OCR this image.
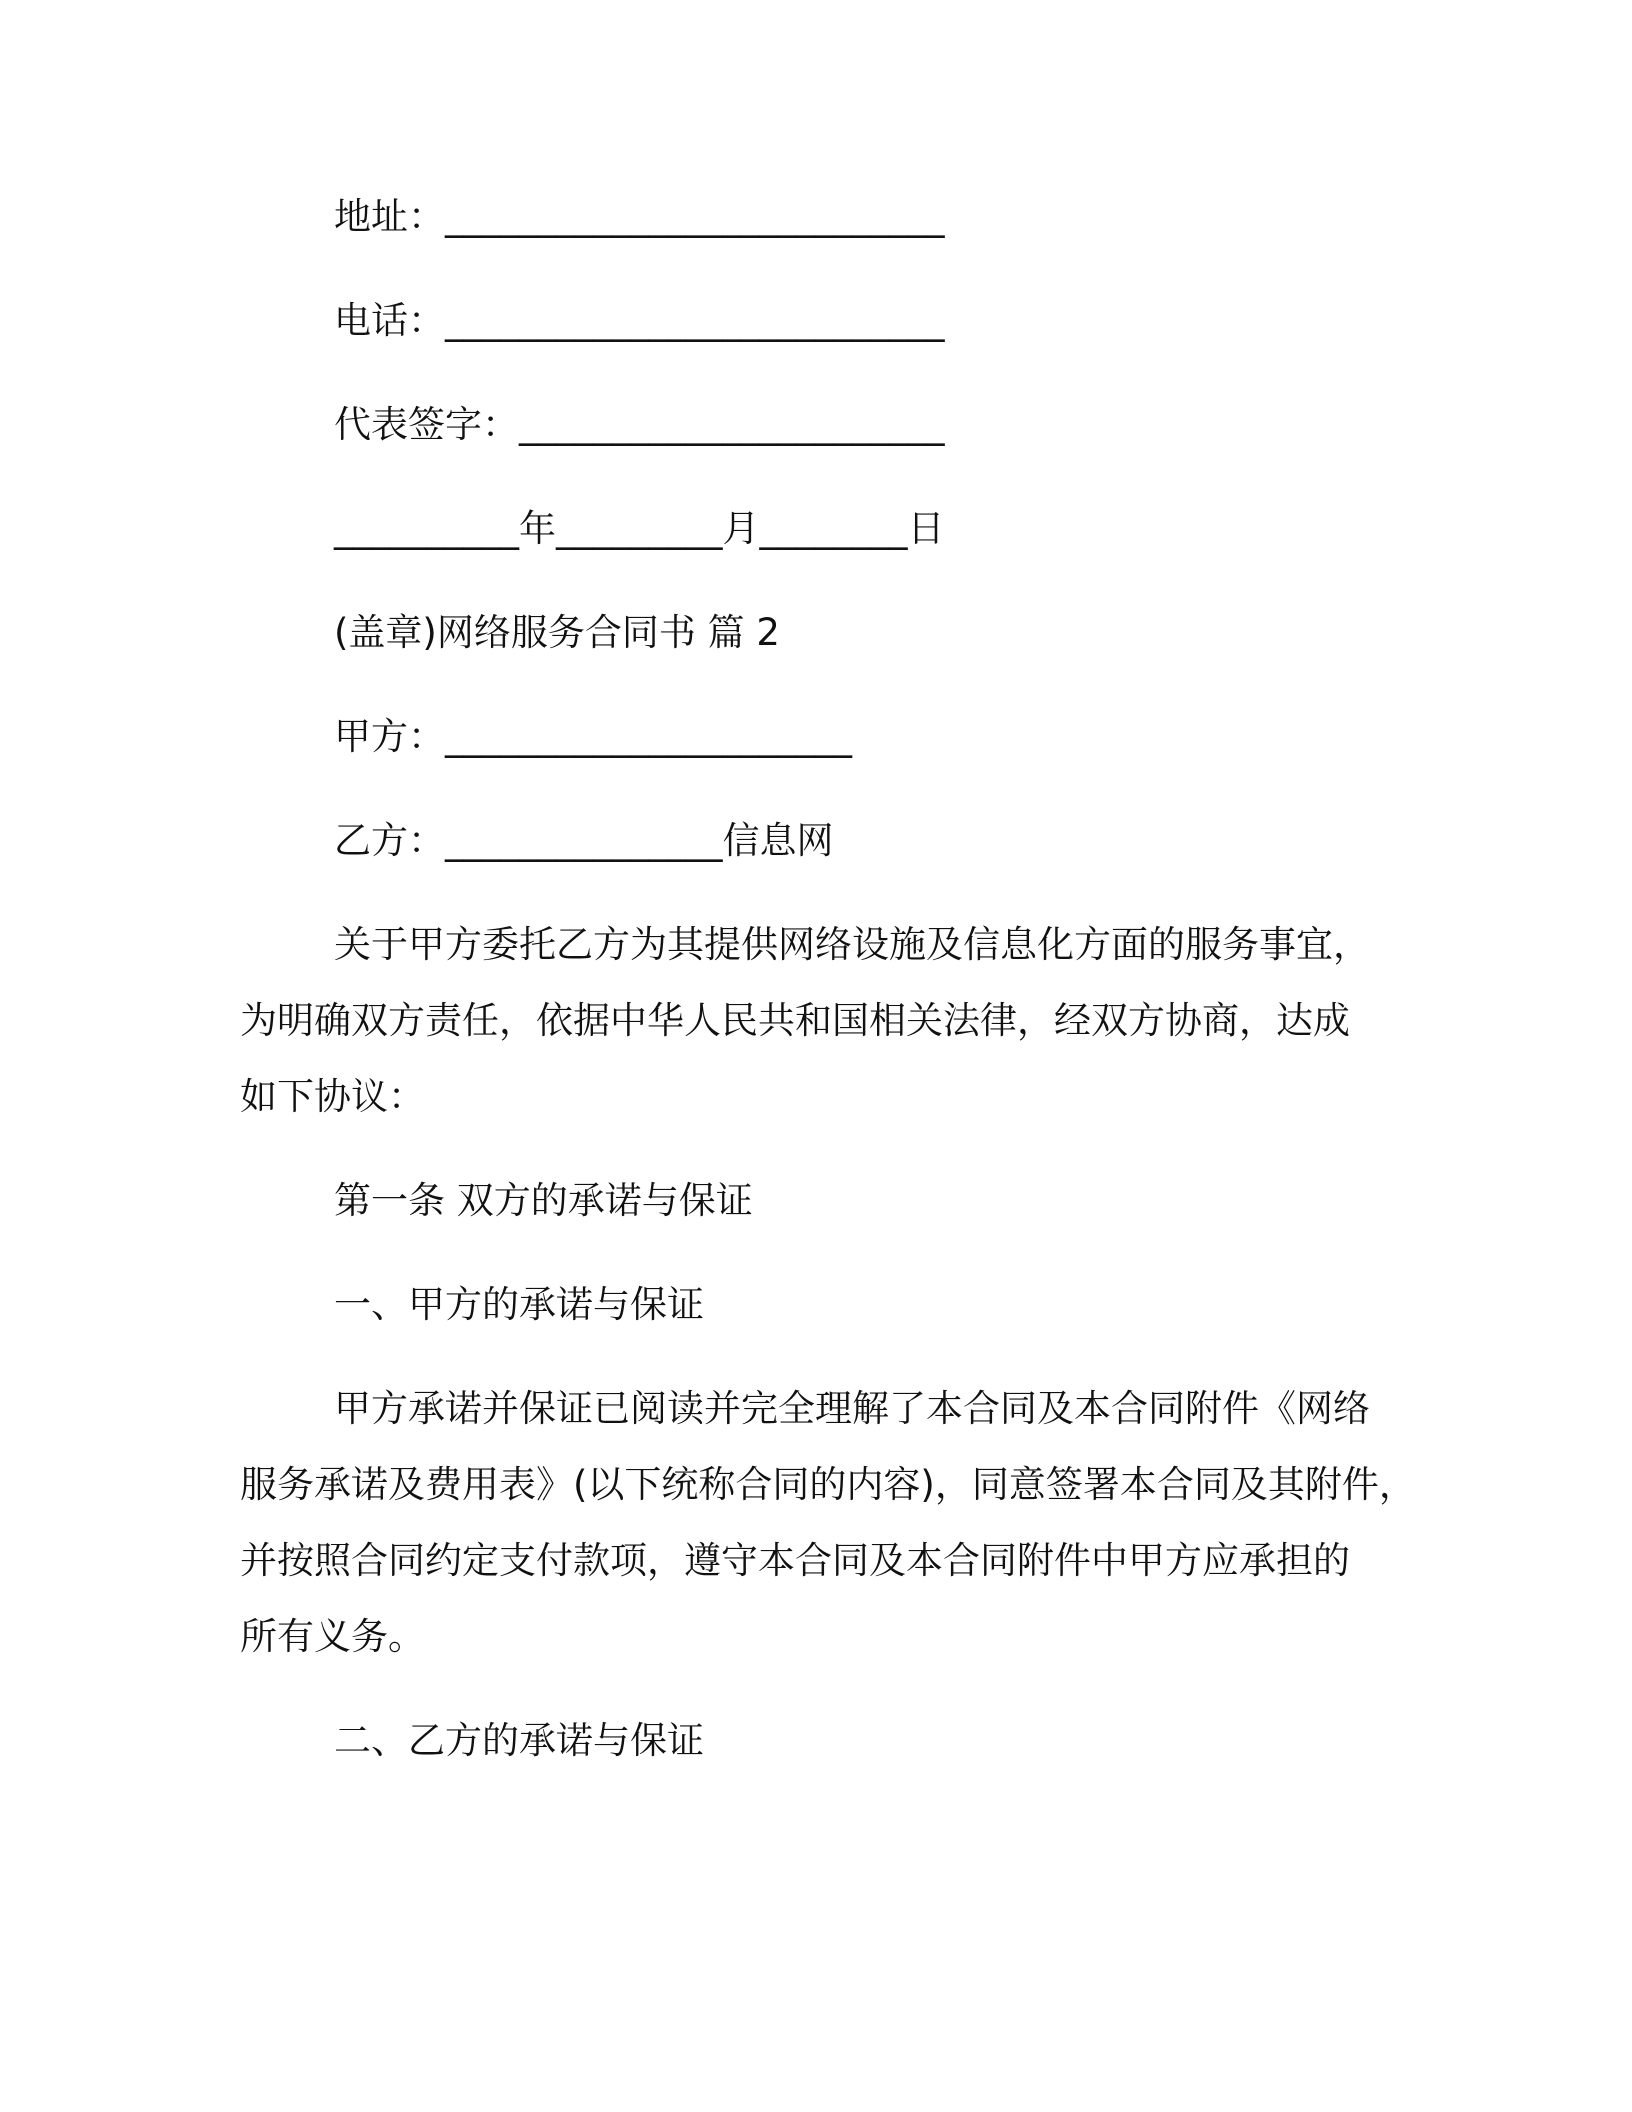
地址：___________________________

电话：___________________________

代表签字：_______________________

__________年_________月________日

(盖章)网络服务合同书 篇 2

甲方：______________________

乙方：_______________信息网

关于甲方委托乙方为其提供网络设施及信息化方面的服务事宜，

为明确双方责任，依据中华人民共和国相关法律，经双方协商，达成

如下协议：

第一条 双方的承诺与保证

一、甲方的承诺与保证

甲方承诺并保证已阅读并完全理解了本合同及本合同附件《网络

服务承诺及费用表》(以下统称合同的内容)，同意签署本合同及其附件，

并按照合同约定支付款项，遵守本合同及本合同附件中甲方应承担的

所有义务。

二、乙方的承诺与保证
